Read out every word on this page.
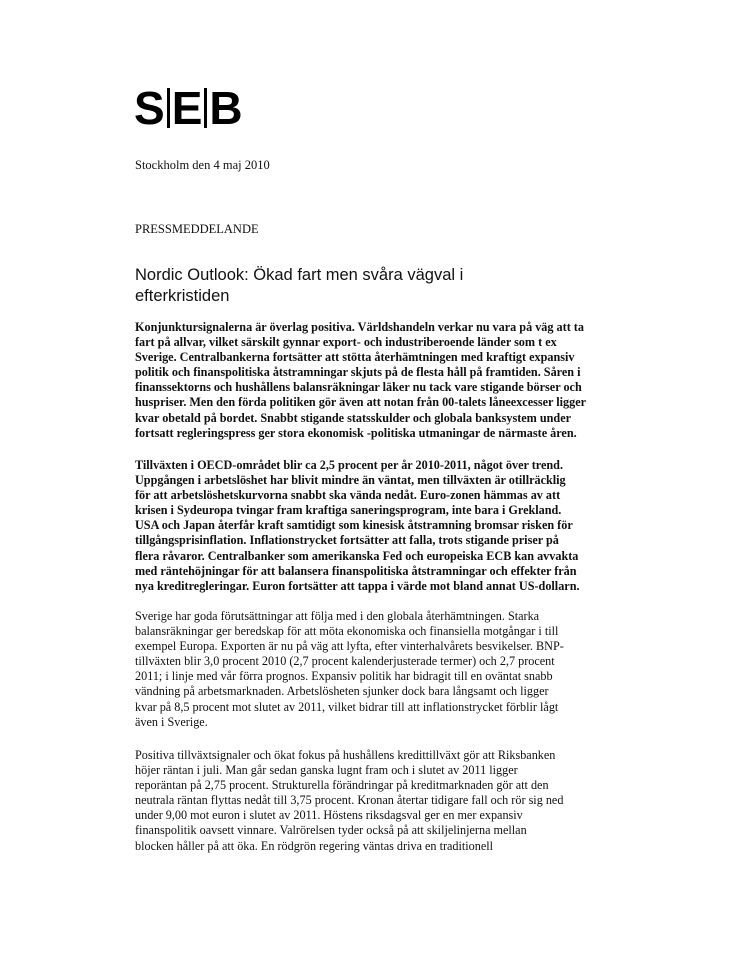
S E B
Stockholm den 4 maj 2010
PRESSMEDDELANDE
Nordic Outlook: Ökad fart men svåra vägval i
efterkristiden
Konjunktursignalerna är överlag positiva. Världshandeln verkar nu vara på väg att ta
fart på allvar, vilket särskilt gynnar export- och industriberoende länder som t ex
Sverige. Centralbankerna fortsätter att stötta återhämtningen med kraftigt expansiv
politik och finanspolitiska åtstramningar skjuts på de flesta håll på framtiden. Såren i
finanssektorns och hushållens balansräkningar läker nu tack vare stigande börser och
huspriser. Men den förda politiken gör även att notan från 00-talets låneexcesser ligger
kvar obetald på bordet. Snabbt stigande statsskulder och globala banksystem under
fortsatt regleringspress ger stora ekonomisk -politiska utmaningar de närmaste åren.
Tillväxten i OECD-området blir ca 2,5 procent per år 2010-2011, något över trend.
Uppgången i arbetslöshet har blivit mindre än väntat, men tillväxten är otillräcklig
för att arbetslöshetskurvorna snabbt ska vända nedåt. Euro-zonen hämmas av att
krisen i Sydeuropa tvingar fram kraftiga saneringsprogram, inte bara i Grekland.
USA och Japan återfår kraft samtidigt som kinesisk åtstramning bromsar risken för
tillgångsprisinflation. Inflationstrycket fortsätter att falla, trots stigande priser på
flera råvaror. Centralbanker som amerikanska Fed och europeiska ECB kan avvakta
med räntehöjningar för att balansera finanspolitiska åtstramningar och effekter från
nya kreditregleringar. Euron fortsätter att tappa i värde mot bland annat US-dollarn.
Sverige har goda förutsättningar att följa med i den globala återhämtningen. Starka
balansräkningar ger beredskap för att möta ekonomiska och finansiella motgångar i till
exempel Europa. Exporten är nu på väg att lyfta, efter vinterhalvårets besvikelser. BNP-
tillväxten blir 3,0 procent 2010 (2,7 procent kalenderjusterade termer) och 2,7 procent
2011; i linje med vår förra prognos. Expansiv politik har bidragit till en oväntat snabb
vändning på arbetsmarknaden. Arbetslösheten sjunker dock bara långsamt och ligger
kvar på 8,5 procent mot slutet av 2011, vilket bidrar till att inflationstrycket förblir lågt
även i Sverige.
Positiva tillväxtsignaler och ökat fokus på hushållens kredittillväxt gör att Riksbanken
höjer räntan i juli. Man går sedan ganska lugnt fram och i slutet av 2011 ligger
reporäntan på 2,75 procent. Strukturella förändringar på kreditmarknaden gör att den
neutrala räntan flyttas nedåt till 3,75 procent. Kronan återtar tidigare fall och rör sig ned
under 9,00 mot euron i slutet av 2011. Höstens riksdagsval ger en mer expansiv
finanspolitik oavsett vinnare. Valrörelsen tyder också på att skiljelinjerna mellan
blocken håller på att öka. En rödgrön regering väntas driva en traditionell
